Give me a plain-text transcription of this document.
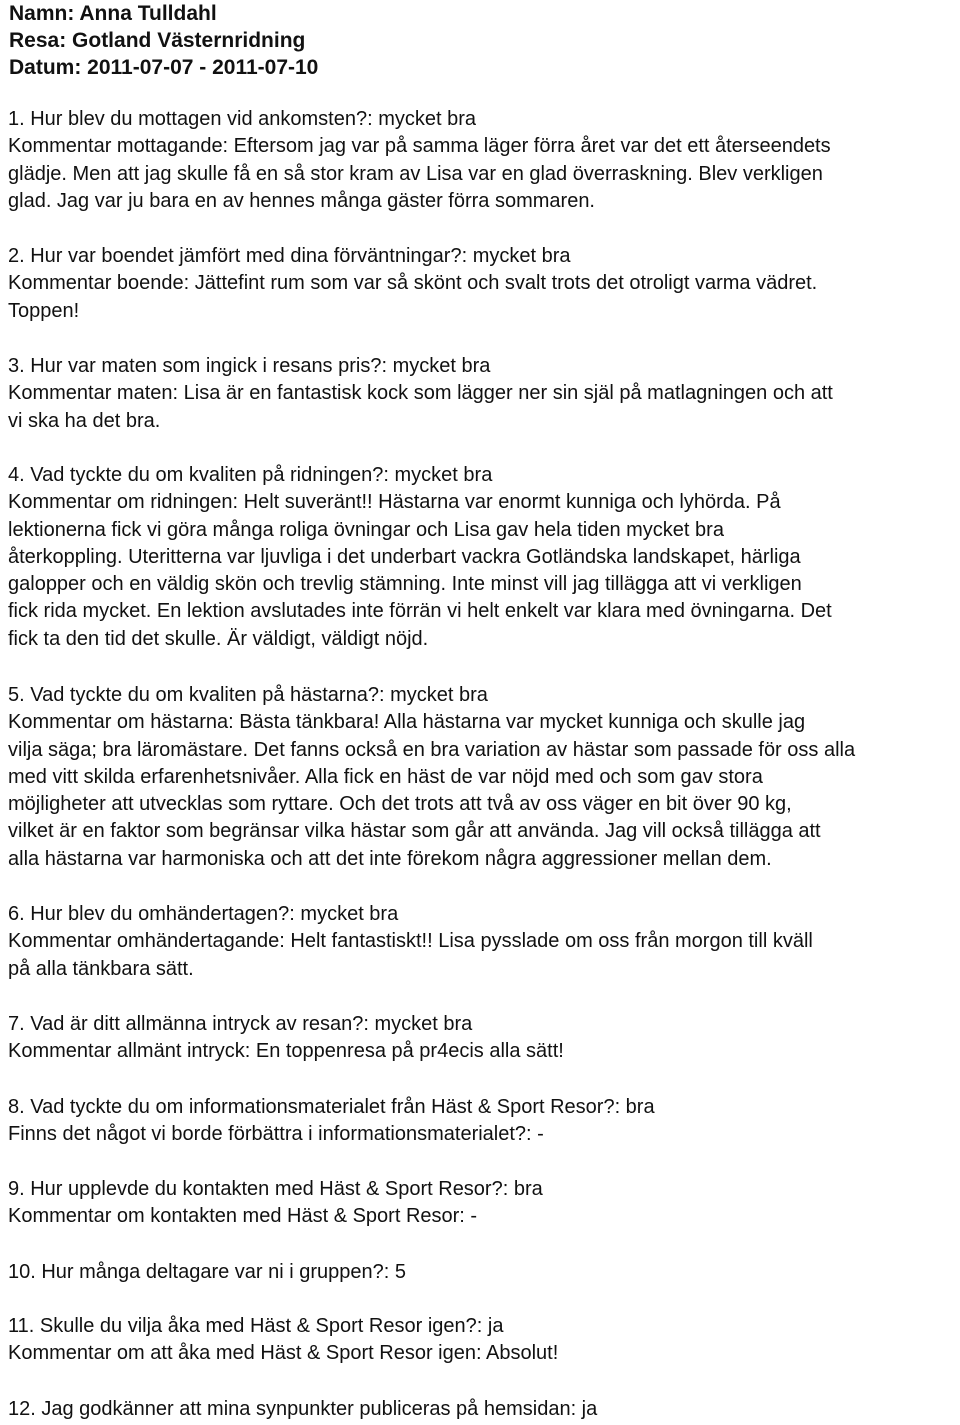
Namn: Anna Tulldahl
Resa: Gotland Västernridning
Datum: 2011-07-07 - 2011-07-10
1. Hur blev du mottagen vid ankomsten?: mycket bra
Kommentar mottagande: Eftersom jag var på samma läger förra året var det ett återseendets
glädje. Men att jag skulle få en så stor kram av Lisa var en glad överraskning. Blev verkligen
glad. Jag var ju bara en av hennes många gäster förra sommaren.
2. Hur var boendet jämfört med dina förväntningar?: mycket bra
Kommentar boende: Jättefint rum som var så skönt och svalt trots det otroligt varma vädret.
Toppen!
3. Hur var maten som ingick i resans pris?: mycket bra
Kommentar maten: Lisa är en fantastisk kock som lägger ner sin själ på matlagningen och att
vi ska ha det bra.
4. Vad tyckte du om kvaliten på ridningen?: mycket bra
Kommentar om ridningen: Helt suveränt!! Hästarna var enormt kunniga och lyhörda. På
lektionerna fick vi göra många roliga övningar och Lisa gav hela tiden mycket bra
återkoppling. Uteritterna var ljuvliga i det underbart vackra Gotländska landskapet, härliga
galopper och en väldig skön och trevlig stämning. Inte minst vill jag tillägga att vi verkligen
fick rida mycket. En lektion avslutades inte förrän vi helt enkelt var klara med övningarna. Det
fick ta den tid det skulle. Är väldigt, väldigt nöjd.
5. Vad tyckte du om kvaliten på hästarna?: mycket bra
Kommentar om hästarna: Bästa tänkbara! Alla hästarna var mycket kunniga och skulle jag
vilja säga; bra läromästare. Det fanns också en bra variation av hästar som passade för oss alla
med vitt skilda erfarenhetsnivåer. Alla fick en häst de var nöjd med och som gav stora
möjligheter att utvecklas som ryttare. Och det trots att två av oss väger en bit över 90 kg,
vilket är en faktor som begränsar vilka hästar som går att använda. Jag vill också tillägga att
alla hästarna var harmoniska och att det inte förekom några aggressioner mellan dem.
6. Hur blev du omhändertagen?: mycket bra
Kommentar omhändertagande: Helt fantastiskt!! Lisa pysslade om oss från morgon till kväll
på alla tänkbara sätt.
7. Vad är ditt allmänna intryck av resan?: mycket bra
Kommentar allmänt intryck: En toppenresa på pr4ecis alla sätt!
8. Vad tyckte du om informationsmaterialet från Häst & Sport Resor?: bra
Finns det något vi borde förbättra i informationsmaterialet?: -
9. Hur upplevde du kontakten med Häst & Sport Resor?: bra
Kommentar om kontakten med Häst & Sport Resor: -
10. Hur många deltagare var ni i gruppen?: 5
11. Skulle du vilja åka med Häst & Sport Resor igen?: ja
Kommentar om att åka med Häst & Sport Resor igen: Absolut!
12. Jag godkänner att mina synpunkter publiceras på hemsidan: ja
